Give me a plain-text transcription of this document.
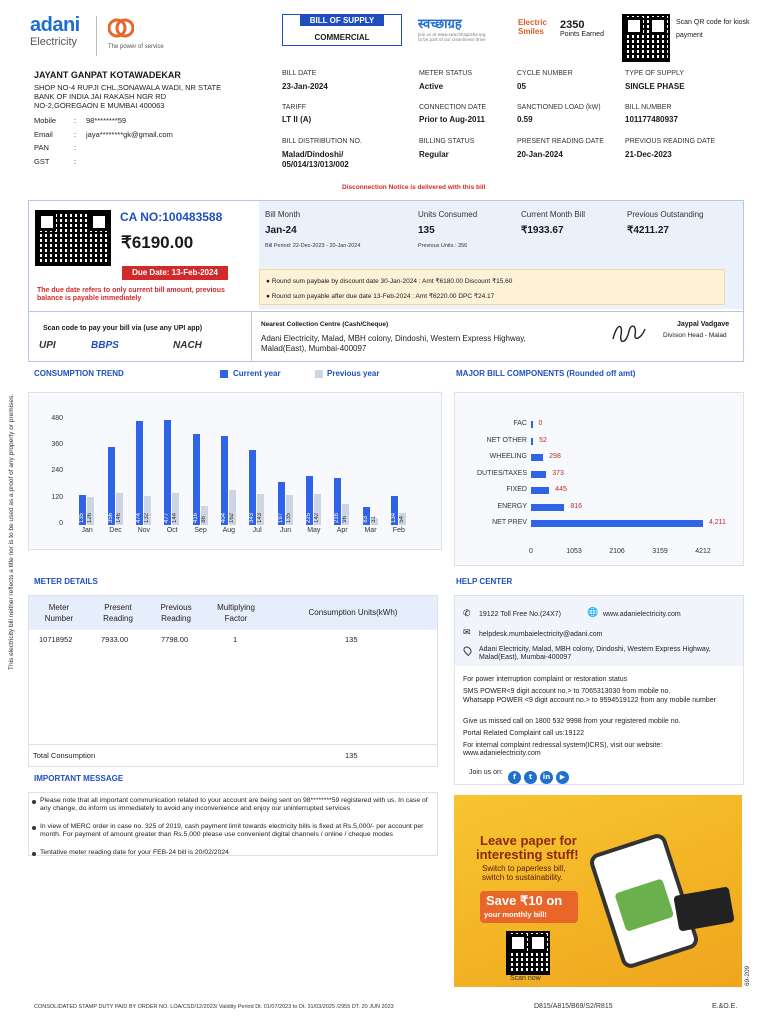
adani
Electricity	The power of service
BILL OF SUPPLY
COMMERCIAL
स्वच्छाग्रह
Join us at www.swachhagraha.org to be part of our cleanliness drive
Electric Smiles
2350
Points Earned
Scan QR code for kiosk payment
JAYANT GANPAT KOTAWADEKAR
SHOP NO-4 RUPJI CHL,SONAWALA WADI, NR STATE
BANK OF INDIA JAI RAKASH NGR RD
NO-2,GOREGAON E MUMBAI 400063
Mobile : 98********59
Email	: jaya********gk@gmail.com
PAN	:
GST	:
BILL DATE
23-Jan-2024
METER STATUS
Active
CYCLE NUMBER
05
TYPE OF SUPPLY
SINGLE PHASE
TARIFF
LT II (A)
CONNECTION DATE
Prior to Aug-2011
SANCTIONED LOAD (kW)
0.59
BILL NUMBER
101177480937
BILL DISTRIBUTION NO.
Malad/Dindoshi/
05/014/13/013/002
BILLING STATUS
Regular
PRESENT READING DATE
20-Jan-2024
PREVIOUS READING DATE
21-Dec-2023
Disconnection Notice is delivered with this bill
This electricity bill neither reflects a title nor is to be used as a proof of any property or premises.
CA NO:100483588
₹6190.00
Due Date: 13-Feb-2024
The due date refers to only current bill amount, previous balance is payable immediately
Bill Month
Jan-24
Bill Period: 22-Dec-2023 - 20-Jan-2024
Units Consumed
135
Previous Units : 356
Current Month Bill
₹1933.67
Previous Outstanding
₹4211.27
● Round sum paybale by discount date 30-Jan-2024 : Amt ₹6180.00 Discount ₹15.60
● Round sum payable after due date 13-Feb-2024 : Amt ₹6220.00 DPC ₹24.17
Scan code to pay your bill via (use any UPI app)
UPI	BBPS	NACH
Nearest Collection Centre (Cash/Cheque)
Adani Electricity, Malad, MBH colony, Dindoshi, Western Express Highway, Malad(East), Mumbai-400097
Jaypal Vadgave
Division Head - Malad
CONSUMPTION TREND	Current year	Previous year
0
120
240
360
480
135 126
Jan
356 146
Dec
474 132
Nov
477 144
Oct
416 86
Sep
404 162
Aug
343 143
Jul
197 135
Jun
225 142
May
216 96
Apr
83 31
Mar
134 54
Feb
MAJOR BILL COMPONENTS (Rounded off amt)
FAC 0
NET OTHER 52
WHEELING	298
DUTIES/TAXES	373
FIXED	445
ENERGY	816
NET PREV	4,211
0	1053	2106	3159	4212
METER DETAILS
Meter Number
Present Reading
Previous Reading
Multiplying Factor
Consumption Units(kWh)
10718952	7933.00	7798.00	1	135
Total Consumption	135
HELP CENTER
✆ 19122 Toll Free No.(24X7)	🌐 www.adanielectricity.com
✉ helpdesk.mumbaielectricity@adani.com
Adani Electricity, Malad, MBH colony, Dindoshi, Western Express Highway, Malad(East), Mumbai-400097
For power interruption complaint or restoration status
SMS POWER<9 digit account no.> to 7065313030 from mobile no.
Whatsapp POWER <9 digit account no.> to 9594519122 from any mobile number
Give us missed call on 1800 532 9998 from your registered mobile no.
Portal Related Complaint call us:19122
For internal complaint redressal system(ICRS), visit our website: www.adanielectricity.com
Join us on:
f t in ▶
IMPORTANT MESSAGE
Please note that all important communication related to your account are being sent on 98********59 registered with us. In case of any change, do inform us immediately to avoid any inconvenience and enjoy our uninterrupted services
In view of MERC order in case no. 325 of 2019, cash payment limit towards electricity bills is fixed at Rs.5,000/- per account per month. For payment of amount greater than Rs.5,000 please use convenient digital channels / online / cheque modes
Tentative meter reading date for your FEB-24 bill is 20/02/2024
Leave paper for
interesting stuff!
Switch to paperless bill,
switch to sustainability.
Save ₹10 on
your monthly bill!
Scan now	69-209
CONSOLIDATED STAMP DUTY PAID BY ORDER NO. LOA/CSD/12/2023/ Validity Period Dt. 01/07/2023 to Dt. 31/03/2025 /2955 DT. 20 JUN 2023	D815/A815/B69/S2/R815	E.&O.E.
